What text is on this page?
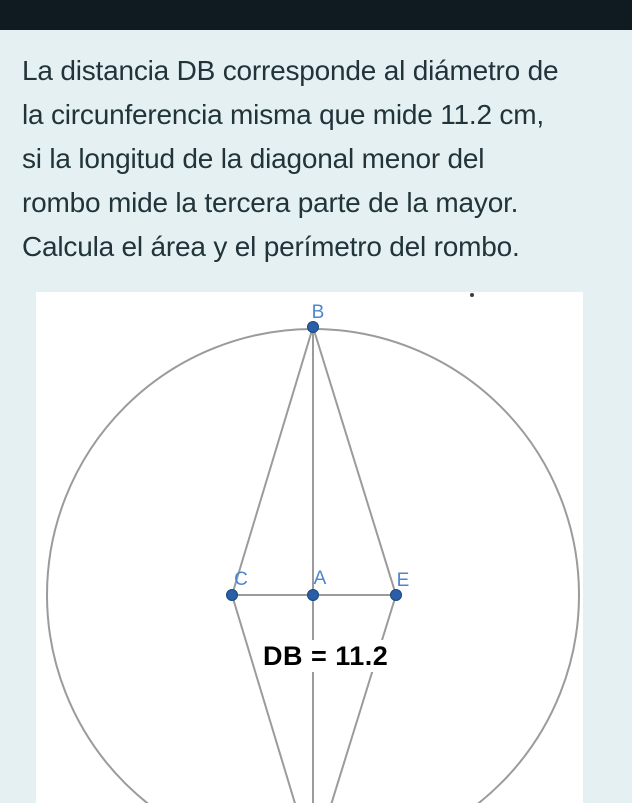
La distancia DB corresponde al diámetro de
la circunferencia misma que mide 11.2 cm,
si la longitud de la diagonal menor del
rombo mide la tercera parte de la mayor.
Calcula el área y el perímetro del rombo.
B
C	A	E
DB = 11.2
